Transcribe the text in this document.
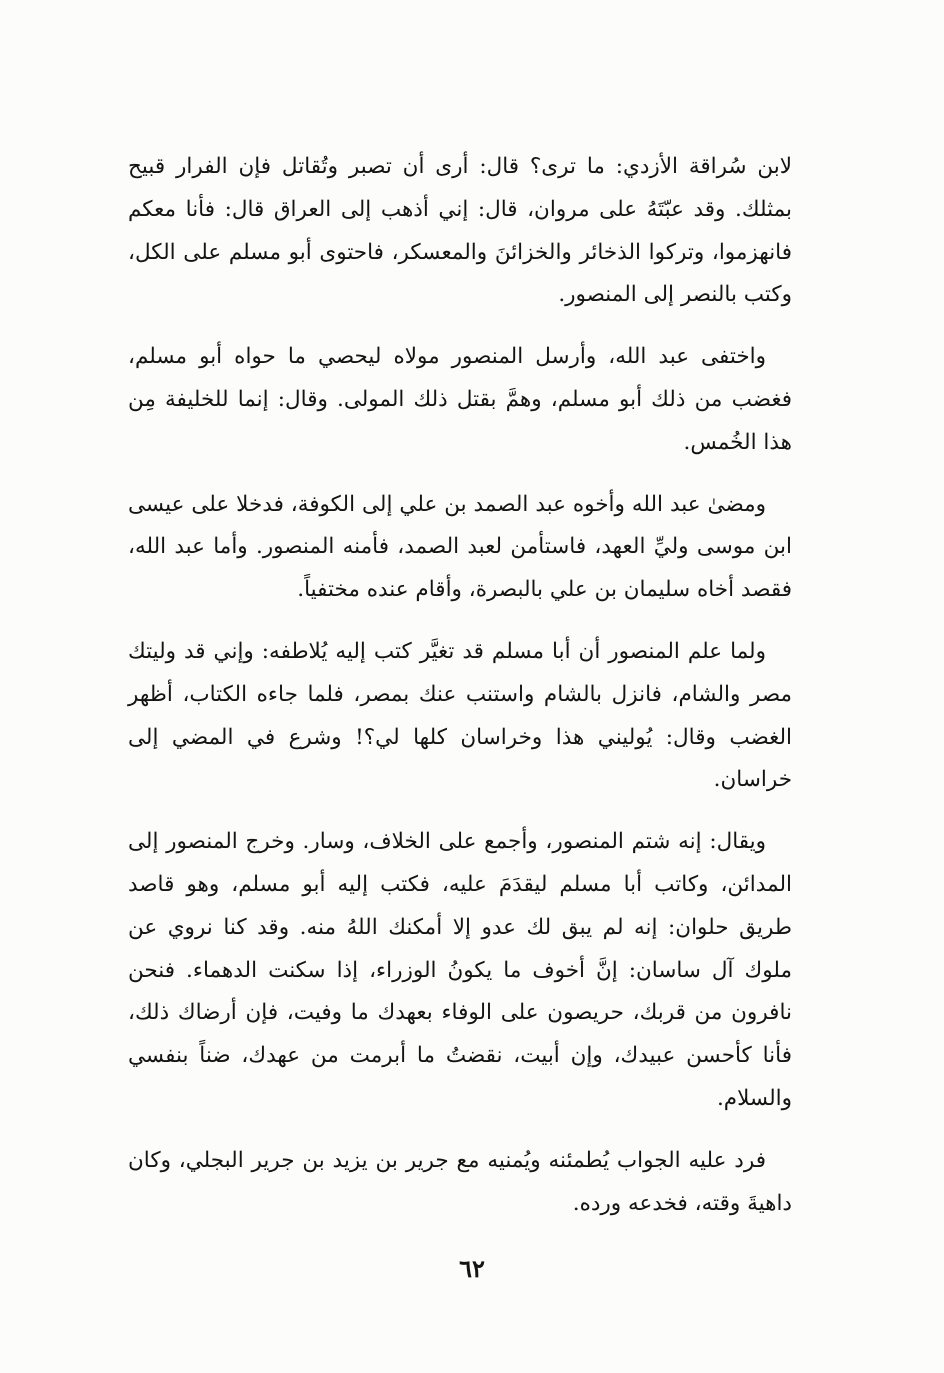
لابن سُراقة الأزدي: ما ترى؟ قال: أرى أن تصبر وتُقاتل فإن الفرار قبيح بمثلك. وقد عبّتَهُ على مروان، قال: إني أذهب إلى العراق قال: فأنا معكم فانهزموا، وتركوا الذخائر والخزائنَ والمعسكر، فاحتوى أبو مسلم على الكل، وكتب بالنصر إلى المنصور.

واختفى عبد الله، وأرسل المنصور مولاه ليحصي ما حواه أبو مسلم، فغضب من ذلك أبو مسلم، وهمَّ بقتل ذلك المولى. وقال: إنما للخليفة مِن هذا الخُمس.

ومضىٰ عبد الله وأخوه عبد الصمد بن علي إلى الكوفة، فدخلا على عيسى ابن موسى وليِّ العهد، فاستأمن لعبد الصمد، فأمنه المنصور. وأما عبد الله، فقصد أخاه سليمان بن علي بالبصرة، وأقام عنده مختفياً.

ولما علم المنصور أن أبا مسلم قد تغيَّر كتب إليه يُلاطفه: وإني قد وليتك مصر والشام، فانزل بالشام واستنب عنك بمصر، فلما جاءه الكتاب، أظهر الغضب وقال: يُوليني هذا وخراسان كلها لي؟! وشرع في المضي إلى خراسان.

ويقال: إنه شتم المنصور، وأجمع على الخلاف، وسار. وخرج المنصور إلى المدائن، وكاتب أبا مسلم ليقدَمَ عليه، فكتب إليه أبو مسلم، وهو قاصد طريق حلوان: إنه لم يبق لك عدو إلا أمكنك اللهُ منه. وقد كنا نروي عن ملوك آل ساسان: إنَّ أخوف ما يكونُ الوزراء، إذا سكنت الدهماء. فنحن نافرون من قربك، حريصون على الوفاء بعهدك ما وفيت، فإن أرضاك ذلك، فأنا كأحسن عبيدك، وإن أبيت، نقضتُ ما أبرمت من عهدك، ضناً بنفسي والسلام.

فرد عليه الجواب يُطمئنه ويُمنيه مع جرير بن يزيد بن جرير البجلي، وكان داهيةَ وقته، فخدعه ورده.

٦٢
